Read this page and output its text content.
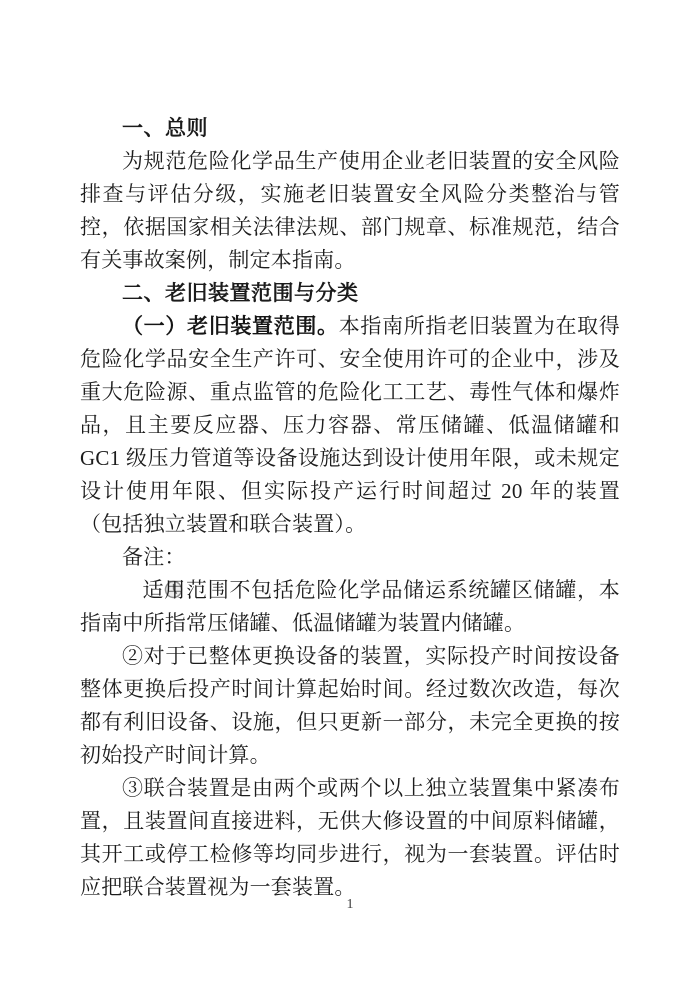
一、总则

为规范危险化学品生产使用企业老旧装置的安全风险排查与评估分级，实施老旧装置安全风险分类整治与管控，依据国家相关法律法规、部门规章、标准规范，结合有关事故案例，制定本指南。

二、老旧装置范围与分类

（一）老旧装置范围。本指南所指老旧装置为在取得危险化学品安全生产许可、安全使用许可的企业中，涉及重大危险源、重点监管的危险化工工艺、毒性气体和爆炸品，且主要反应器、压力容器、常压储罐、低温储罐和 GC1 级压力管道等设备设施达到设计使用年限，或未规定设计使用年限、但实际投产运行时间超过 20 年的装置（包括独立装置和联合装置）。

备注：

适用范围不包括危险化学品储运系统罐区储罐，本指南中所指常压储罐、低温储罐为装置内储罐。

②对于已整体更换设备的装置，实际投产时间按设备整体更换后投产时间计算起始时间。经过数次改造，每次都有利旧设备、设施，但只更新一部分，未完全更换的按初始投产时间计算。

③联合装置是由两个或两个以上独立装置集中紧凑布置，且装置间直接进料，无供大修设置的中间原料储罐，其开工或停工检修等均同步进行，视为一套装置。评估时应把联合装置视为一套装置。

1
